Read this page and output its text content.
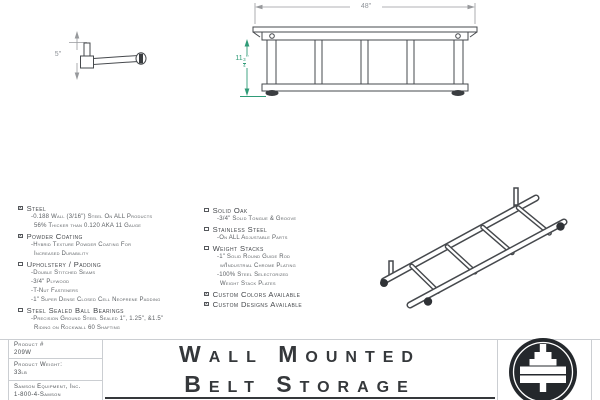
5"
48"
$11 \frac{3}{4}$ "
✕ Steel
-0.188 Wall (3/16") Steel On ALL Products
56% Thicker than 0.120 AKA 11 Gauge
✕ Powder Coating
-Hybrid Texture Powder Coating For
Increased Durability
Upholstery / Padding
-Double Stitched Seams
-3/4" Plywood
-T-Nut Fasteners
-1" Super Dense Closed Cell Neoprene Padding
Steel Sealed Ball Bearings
-Precision Ground Steel Sealed 1", 1.25", &1.5"
Riding on Rockwall 60 Shafting
Solid Oak
-3/4" Solid Tongue & Groove
Stainless Steel
-On ALL Adjustable Parts
Weight Stacks
-1" Solid Round Guide Rod
w/Industrial Chrome Plating
-100% Steel Selectorized
Weight Stack Plates
✕ Custom Colors Available
✕ Custom Designs Available
Product #
209W
Product Weight:
33lb
Samson Equipment, Inc.
1-800-4-Samson
Wall Mounted
Belt Storage
